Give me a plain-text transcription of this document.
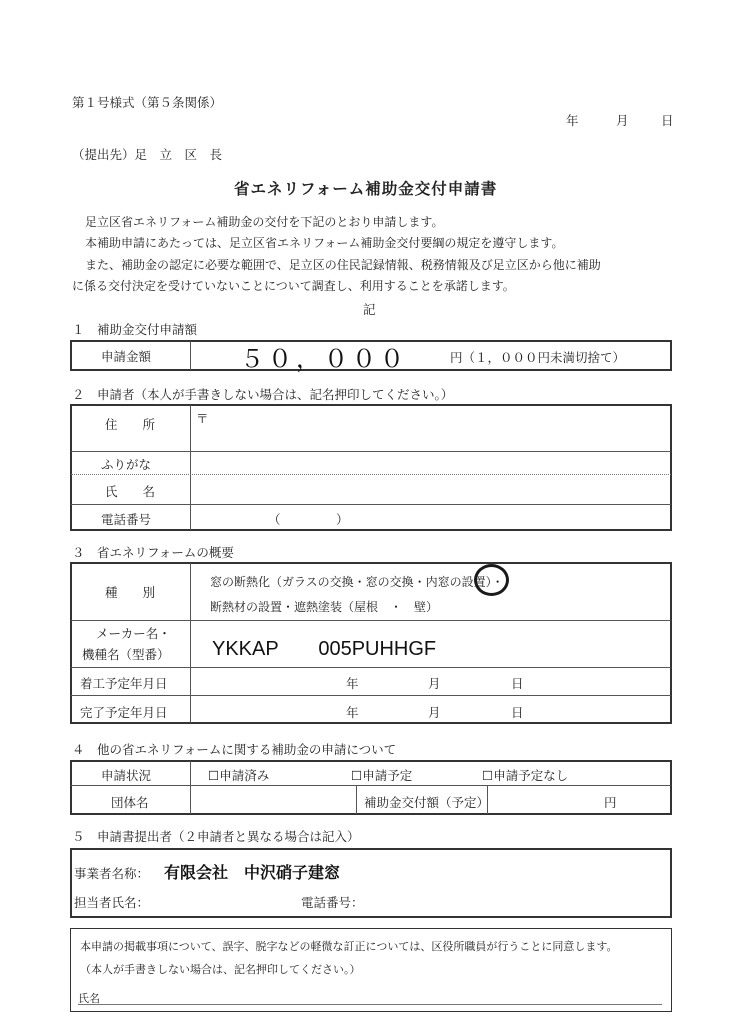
第１号様式（第５条関係）
年	月	日
（提出先）足　立　区　長
省エネリフォーム補助金交付申請書
足立区省エネリフォーム補助金の交付を下記のとおり申請します。
本補助申請にあたっては、足立区省エネリフォーム補助金交付要綱の規定を遵守します。
また、補助金の認定に必要な範囲で、足立区の住民記録情報、税務情報及び足立区から他に補助
に係る交付決定を受けていないことについて調査し、利用することを承諾します。
記
１　補助金交付申請額
申請金額	５０，０００	円（１，０００円未満切捨て）
２　申請者（本人が手書きしない場合は、記名押印してください。）
住　　所	〒
ふりがな
氏　　名
電話番号	（	）
３　省エネリフォームの概要
種　　別
窓の断熱化（ガラスの交換・窓の交換・内窓の設置）・
断熱材の設置・遮熱塗装（屋根　・　壁）
メーカー名・
機種名（型番） YKKAP　　005PUHHGF
着工予定年月日	年	月	日
完了予定年月日	年	月	日
４　他の省エネリフォームに関する補助金の申請について
申請状況	☐申請済み	☐申請予定	☐申請予定なし
団体名	補助金交付額（予定）	円
５　申請書提出者（２申請者と異なる場合は記入）
事業者名称： 有限会社　中沢硝子建窓
担当者氏名：	電話番号：
本申請の掲載事項について、誤字、脱字などの軽微な訂正については、区役所職員が行うことに同意します。
（本人が手書きしない場合は、記名押印してください。）
氏名
